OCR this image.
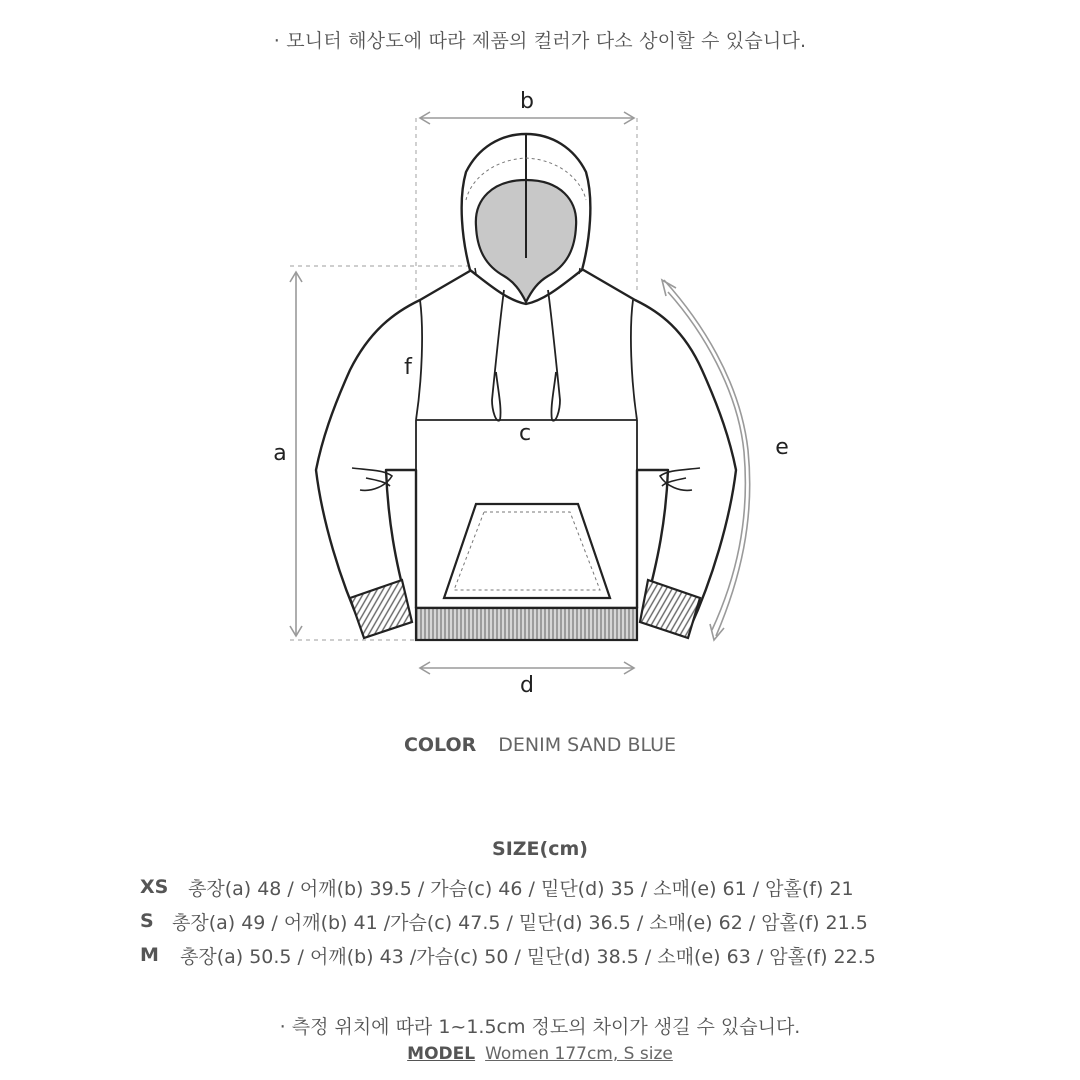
· 모니터 해상도에 따라 제품의 컬러가 다소 상이할 수 있습니다.
b
a
f
c
e
d
COLOR DENIM SAND BLUE
SIZE(cm)
XS	총장(a) 48 / 어깨(b) 39.5 / 가슴(c) 46 / 밑단(d) 35 / 소매(e) 61 / 암홀(f) 21
S 총장(a) 49 / 어깨(b) 41 /가슴(c) 47.5 / 밑단(d) 36.5 / 소매(e) 62 / 암홀(f) 21.5
M	총장(a) 50.5 / 어깨(b) 43 /가슴(c) 50 / 밑단(d) 38.5 / 소매(e) 63 / 암홀(f) 22.5
· 측정 위치에 따라 1~1.5cm 정도의 차이가 생길 수 있습니다.
MODEL Women 177cm, S size
